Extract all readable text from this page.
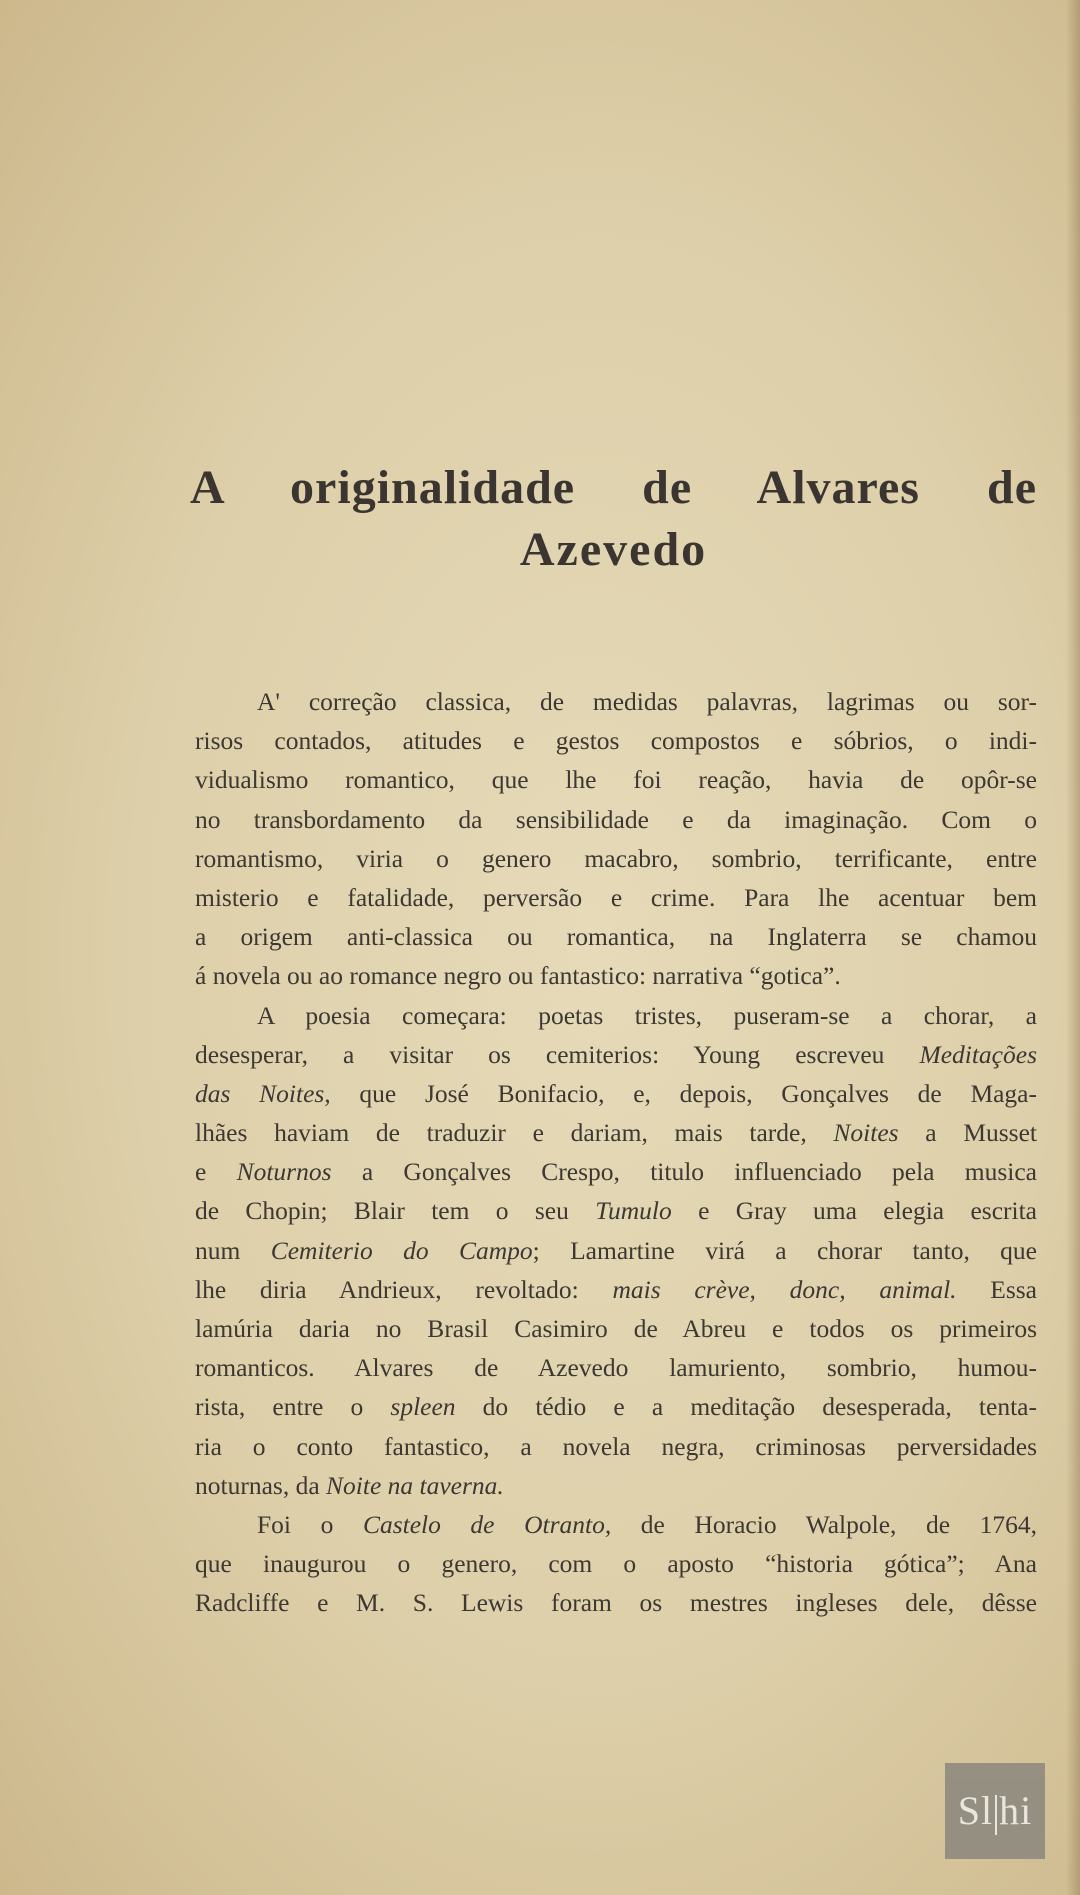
A originalidade de Alvares de
Azevedo
A' correção classica, de medidas palavras, lagrimas ou sor-
risos contados, atitudes e gestos compostos e sóbrios, o indi-
vidualismo romantico, que lhe foi reação, havia de opôr-se
no transbordamento da sensibilidade e da imaginação. Com o
romantismo, viria o genero macabro, sombrio, terrificante, entre
misterio e fatalidade, perversão e crime. Para lhe acentuar bem
a origem anti-classica ou romantica, na Inglaterra se chamou
á novela ou ao romance negro ou fantastico: narrativa “gotica”.
A poesia começara: poetas tristes, puseram-se a chorar, a
desesperar, a visitar os cemiterios: Young escreveu Meditações
das Noites, que José Bonifacio, e, depois, Gonçalves de Maga-
lhães haviam de traduzir e dariam, mais tarde, Noites a Musset
e Noturnos a Gonçalves Crespo, titulo influenciado pela musica
de Chopin; Blair tem o seu Tumulo e Gray uma elegia escrita
num Cemiterio do Campo; Lamartine virá a chorar tanto, que
lhe diria Andrieux, revoltado: mais crève, donc, animal. Essa
lamúria daria no Brasil Casimiro de Abreu e todos os primeiros
romanticos. Alvares de Azevedo lamuriento, sombrio, humou-
rista, entre o spleen do tédio e a meditação desesperada, tenta-
ria o conto fantastico, a novela negra, criminosas perversidades
noturnas, da Noite na taverna.
Foi o Castelo de Otranto, de Horacio Walpole, de 1764,
que inaugurou o genero, com o aposto “historia gótica”; Ana
Radcliffe e M. S. Lewis foram os mestres ingleses dele, dêsse
Sl hi
